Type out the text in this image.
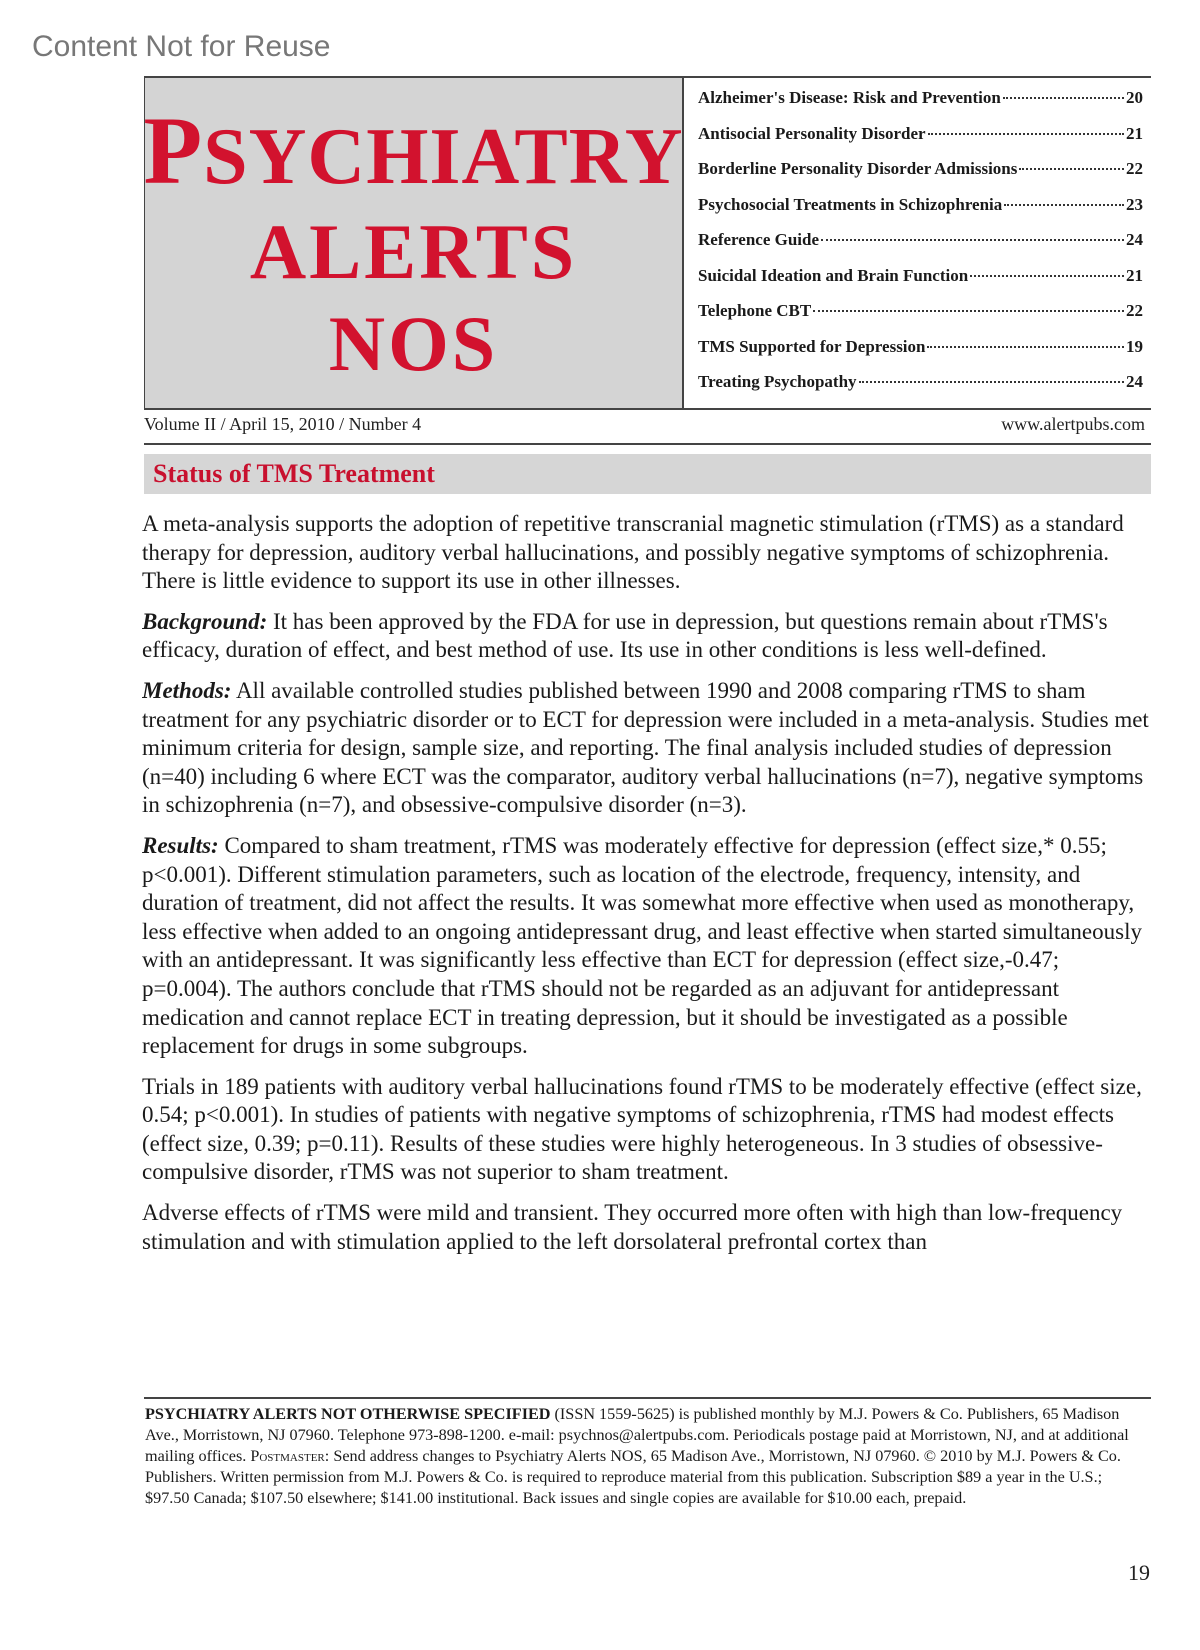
Content Not for Reuse
PSYCHIATRY
ALERTS
NOS
Alzheimer's Disease: Risk and Prevention	20
Antisocial Personality Disorder	21
Borderline Personality Disorder Admissions	22
Psychosocial Treatments in Schizophrenia	23
Reference Guide	24
Suicidal Ideation and Brain Function	21
Telephone CBT	22
TMS Supported for Depression	19
Treating Psychopathy	24
Volume II / April 15, 2010 / Number 4	www.alertpubs.com
Status of TMS Treatment

A meta-analysis supports the adoption of repetitive transcranial magnetic stimulation (rTMS) as a standard therapy for depression, auditory verbal hallucinations, and possibly negative symptoms of schizophrenia. There is little evidence to support its use in other illnesses.

Background: It has been approved by the FDA for use in depression, but questions remain about rTMS's efficacy, duration of effect, and best method of use. Its use in other conditions is less well-defined.

Methods: All available controlled studies published between 1990 and 2008 comparing rTMS to sham treatment for any psychiatric disorder or to ECT for depression were included in a meta-analysis. Studies met minimum criteria for design, sample size, and reporting. The final analysis included studies of depression (n=40) including 6 where ECT was the comparator, auditory verbal hallucinations (n=7), negative symptoms in schizophrenia (n=7), and obsessive-compulsive disorder (n=3).

Results: Compared to sham treatment, rTMS was moderately effective for depression (effect size,* 0.55; p<0.001). Different stimulation parameters, such as location of the electrode, frequency, intensity, and duration of treatment, did not affect the results. It was somewhat more effective when used as monotherapy, less effective when added to an ongoing antidepressant drug, and least effective when started simultaneously with an antidepressant. It was significantly less effective than ECT for depression (effect size,-0.47; p=0.004). The authors conclude that rTMS should not be regarded as an adjuvant for antidepressant medication and cannot replace ECT in treating depression, but it should be investigated as a possible replacement for drugs in some subgroups.

Trials in 189 patients with auditory verbal hallucinations found rTMS to be moderately effective (effect size, 0.54; p<0.001). In studies of patients with negative symptoms of schizophrenia, rTMS had modest effects (effect size, 0.39; p=0.11). Results of these studies were highly heterogeneous. In 3 studies of obsessive-compulsive disorder, rTMS was not superior to sham treatment.

Adverse effects of rTMS were mild and transient. They occurred more often with high than low-frequency stimulation and with stimulation applied to the left dorsolateral prefrontal cortex than

PSYCHIATRY ALERTS NOT OTHERWISE SPECIFIED (ISSN 1559-5625) is published monthly by M.J. Powers & Co. Publishers, 65 Madison Ave., Morristown, NJ 07960. Telephone 973-898-1200. e-mail: psychnos@alertpubs.com. Periodicals postage paid at Morristown, NJ, and at additional mailing offices. Postmaster: Send address changes to Psychiatry Alerts NOS, 65 Madison Ave., Morristown, NJ 07960. © 2010 by M.J. Powers & Co. Publishers. Written permission from M.J. Powers & Co. is required to reproduce material from this publication. Subscription $89 a year in the U.S.; $97.50 Canada; $107.50 elsewhere; $141.00 institutional. Back issues and single copies are available for $10.00 each, prepaid.
19
